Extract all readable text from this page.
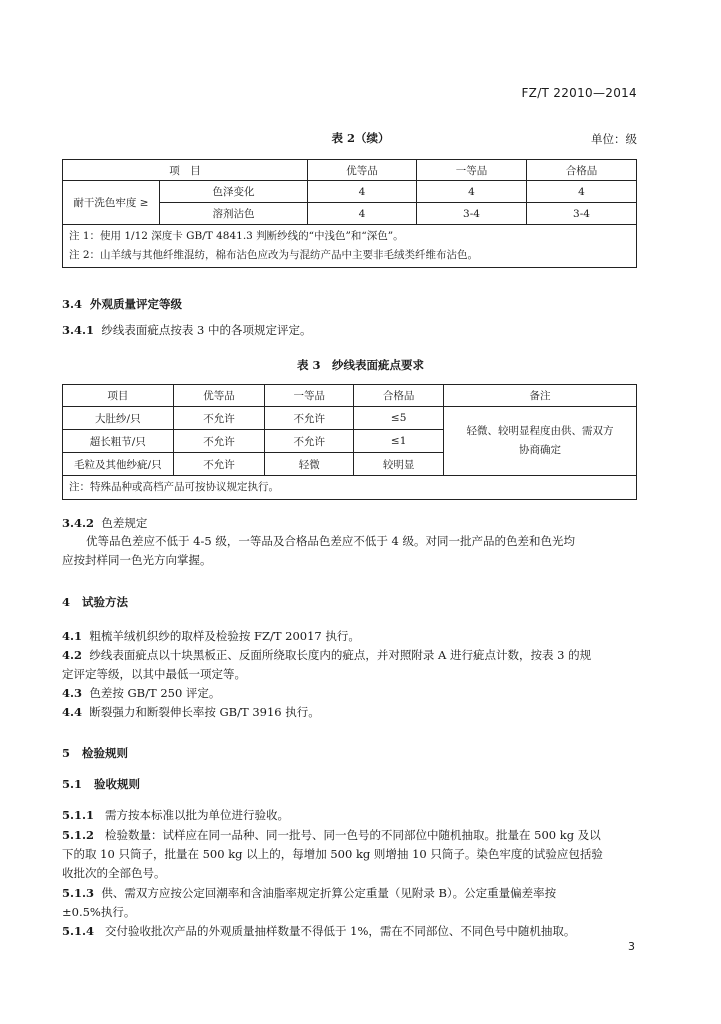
FZ/T 22010—2014
表 2（续）	单位：级
项　目		优等品	一等品	合格品
耐干洗色牢度 ≥	色泽变化	4	4	4
	溶剂沾色	4	3-4	3-4

注 1：使用 1/12 深度卡 GB/T 4841.3 判断纱线的“中浅色”和“深色”。
注 2：山羊绒与其他纤维混纺，棉布沾色应改为与混纺产品中主要非毛绒类纤维布沾色。				
3.4 外观质量评定等级
3.4.1 纱线表面疵点按表 3 中的各项规定评定。
表 3　纱线表面疵点要求
项目	优等品	一等品	合格品	备注
大肚纱/只	不允许	不允许	≤5	轻微、较明显程度由供、需双方协商确定
超长粗节/只	不允许	不允许	≤1	
毛粒及其他纱疵/只	不允许	轻微	较明显	
注：特殊品种或高档产品可按协议规定执行。				
3.4.2 色差规定
优等品色差应不低于 4-5 级，一等品及合格品色差应不低于 4 级。对同一批产品的色差和色光均
应按封样同一色光方向掌握。
4 试验方法
4.1 粗梳羊绒机织纱的取样及检验按 FZ/T 20017 执行。
4.2 纱线表面疵点以十块黑板正、反面所绕取长度内的疵点，并对照附录 A 进行疵点计数，按表 3 的规
定评定等级，以其中最低一项定等。
4.3 色差按 GB/T 250 评定。
4.4 断裂强力和断裂伸长率按 GB/T 3916 执行。
5 检验规则
5.1 验收规则
5.1.1 需方按本标准以批为单位进行验收。
5.1.2 检验数量：试样应在同一品种、同一批号、同一色号的不同部位中随机抽取。批量在 500 kg 及以
下的取 10 只筒子，批量在 500 kg 以上的，每增加 500 kg 则增抽 10 只筒子。染色牢度的试验应包括验
收批次的全部色号。
5.1.3 供、需双方应按公定回潮率和含油脂率规定折算公定重量（见附录 B）。公定重量偏差率按
±0.5%执行。
5.1.4 交付验收批次产品的外观质量抽样数量不得低于 1%，需在不同部位、不同色号中随机抽取。
3
